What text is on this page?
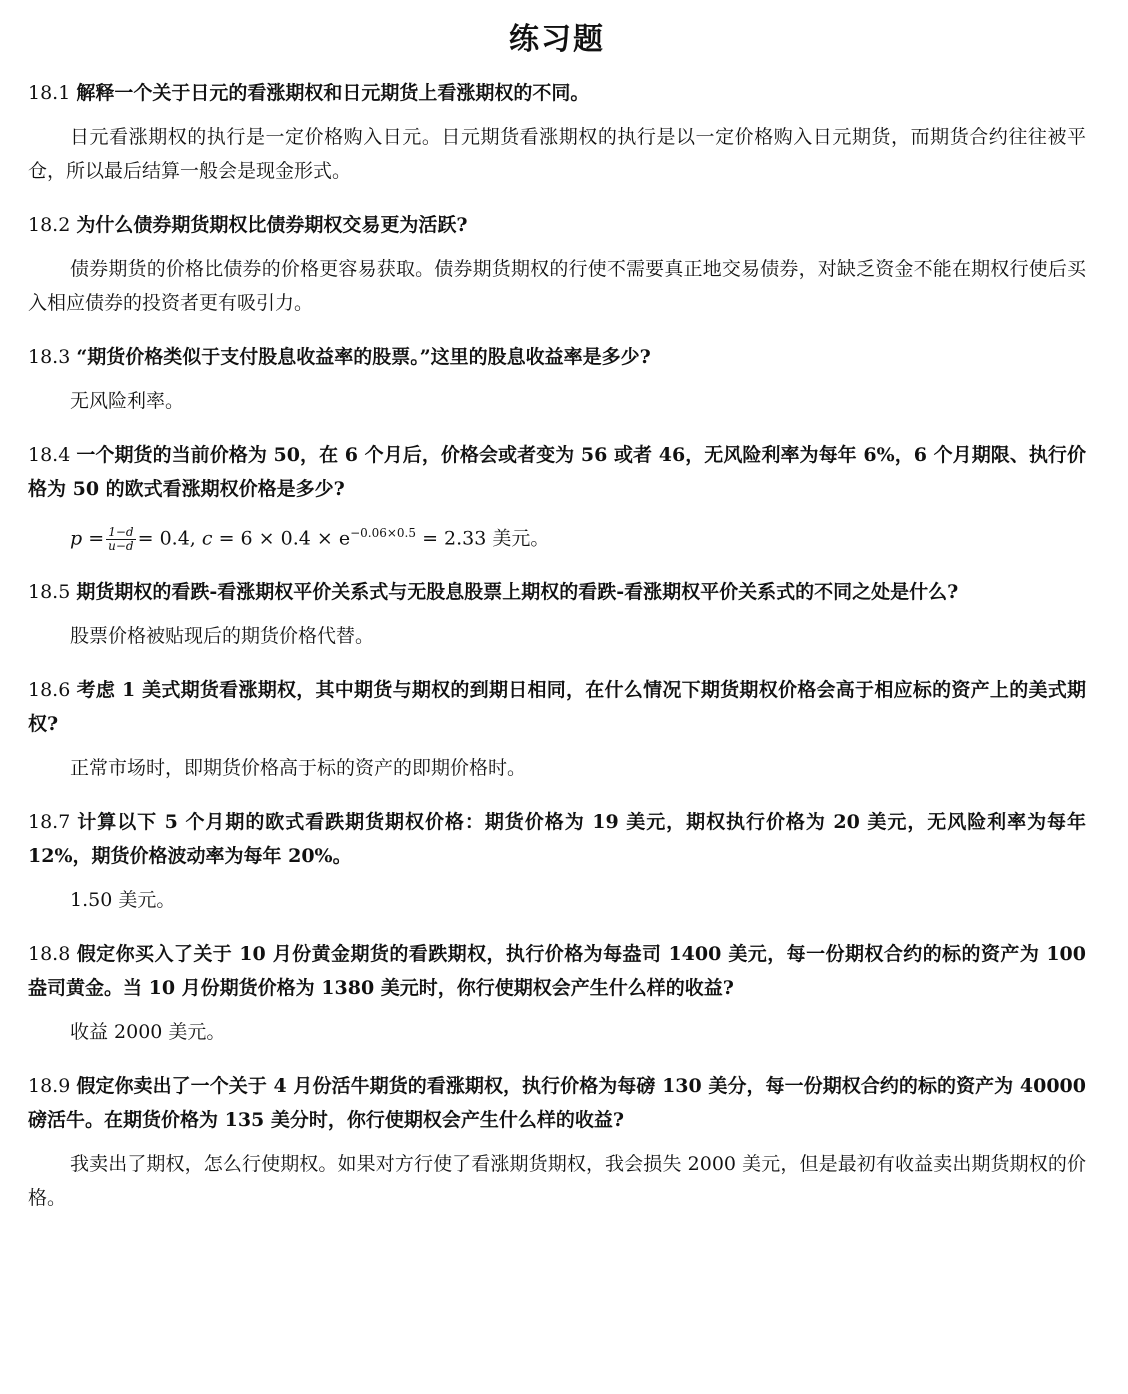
练习题

18.1 解释一个关于日元的看涨期权和日元期货上看涨期权的不同。

日元看涨期权的执行是一定价格购入日元。日元期货看涨期权的执行是以一定价格购入日元期货，而期货合约往往被平仓，所以最后结算一般会是现金形式。

18.2 为什么债券期货期权比债券期权交易更为活跃?

债券期货的价格比债券的价格更容易获取。债券期货期权的行使不需要真正地交易债券，对缺乏资金不能在期权行使后买入相应债券的投资者更有吸引力。

18.3 “期货价格类似于支付股息收益率的股票。”这里的股息收益率是多少?

无风险利率。

18.4 一个期货的当前价格为 50，在 6 个月后，价格会或者变为 56 或者 46，无风险利率为每年 6%，6 个月期限、执行价格为 50 的欧式看涨期权价格是多少?

$p = \frac{1-d}{u-d} = 0.4$, $c = 6 \times 0.4 \times e^{-0.06\times 0.5} = 2.33$ 美元。

18.5 期货期权的看跌-看涨期权平价关系式与无股息股票上期权的看跌-看涨期权平价关系式的不同之处是什么?

股票价格被贴现后的期货价格代替。

18.6 考虑 1 美式期货看涨期权，其中期货与期权的到期日相同，在什么情况下期货期权价格会高于相应标的资产上的美式期权?

正常市场时，即期货价格高于标的资产的即期价格时。

18.7 计算以下 5 个月期的欧式看跌期货期权价格：期货价格为 19 美元，期权执行价格为 20 美元，无风险利率为每年 12%，期货价格波动率为每年 20%。

1.50 美元。

18.8 假定你买入了关于 10 月份黄金期货的看跌期权，执行价格为每盎司 1400 美元，每一份期权合约的标的资产为 100 盎司黄金。当 10 月份期货价格为 1380 美元时，你行使期权会产生什么样的收益?

收益 2000 美元。

18.9 假定你卖出了一个关于 4 月份活牛期货的看涨期权，执行价格为每磅 130 美分，每一份期权合约的标的资产为 40000 磅活牛。在期货价格为 135 美分时，你行使期权会产生什么样的收益?

我卖出了期权，怎么行使期权。如果对方行使了看涨期货期权，我会损失 2000 美元，但是最初有收益卖出期货期权的价格。
